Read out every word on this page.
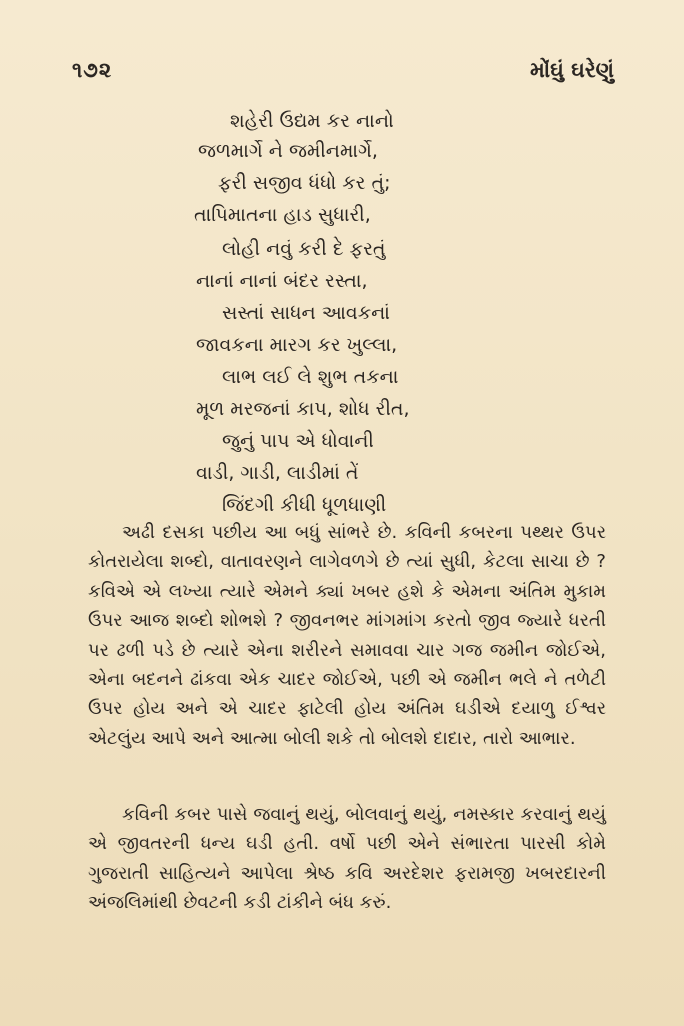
૧૭૨	મોંઘું ઘરેણું
શહેરી ઉદ્યમ કર નાનો
જળમાર્ગે ને જમીનમાર્ગે,
ફરી સજીવ ધંધો કર તું;
તાપિમાતના હાડ સુધારી,
લોહી નવું કરી દે ફરતું
નાનાં નાનાં બંદર રસ્તા,
સસ્તાં સાધન આવકનાં
જાવકના મારગ કર ખુલ્લા,
લાભ લઈ લે શુભ તકના
મૂળ મરજનાં કાપ, શોધ રીત,
જુનું પાપ એ ધોવાની
વાડી, ગાડી, લાડીમાં તેં
જિંદગી કીધી ધૂળધાણી

અઢી દસકા પછીય આ બધું સાંભરે છે. કવિની કબરના પથ્થર ઉપર કોતરાયેલા શબ્દો, વાતાવરણને લાગેવળગે છે ત્યાં સુધી, કેટલા સાચા છે ? કવિએ એ લખ્યા ત્યારે એમને ક્યાં ખબર હશે કે એમના અંતિમ મુકામ ઉપર આજ શબ્દો શોભશે ? જીવનભર માંગમાંગ કરતો જીવ જ્યારે ધરતી પર ઢળી પડે છે ત્યારે એના શરીરને સમાવવા ચાર ગજ જમીન જોઈએ, એના બદનને ઢાંકવા એક ચાદર જોઈએ, પછી એ જમીન ભલે ને તળેટી ઉપર હોય અને એ ચાદર ફાટેલી હોય અંતિમ ઘડીએ દયાળુ ઈશ્વર એટલુંય આપે અને આત્મા બોલી શકે તો બોલશે દાદાર, તારો આભાર.

કવિની કબર પાસે જવાનું થયું, બોલવાનું થયું, નમસ્કાર કરવાનું થયું એ જીવતરની ધન્ય ઘડી હતી. વર્ષો પછી એને સંભારતા પારસી કોમે ગુજરાતી સાહિત્યને આપેલા શ્રેષ્ઠ કવિ અરદેશર ફરામજી ખબરદારની અંજલિમાંથી છેવટની કડી ટાંકીને બંધ કરું.
